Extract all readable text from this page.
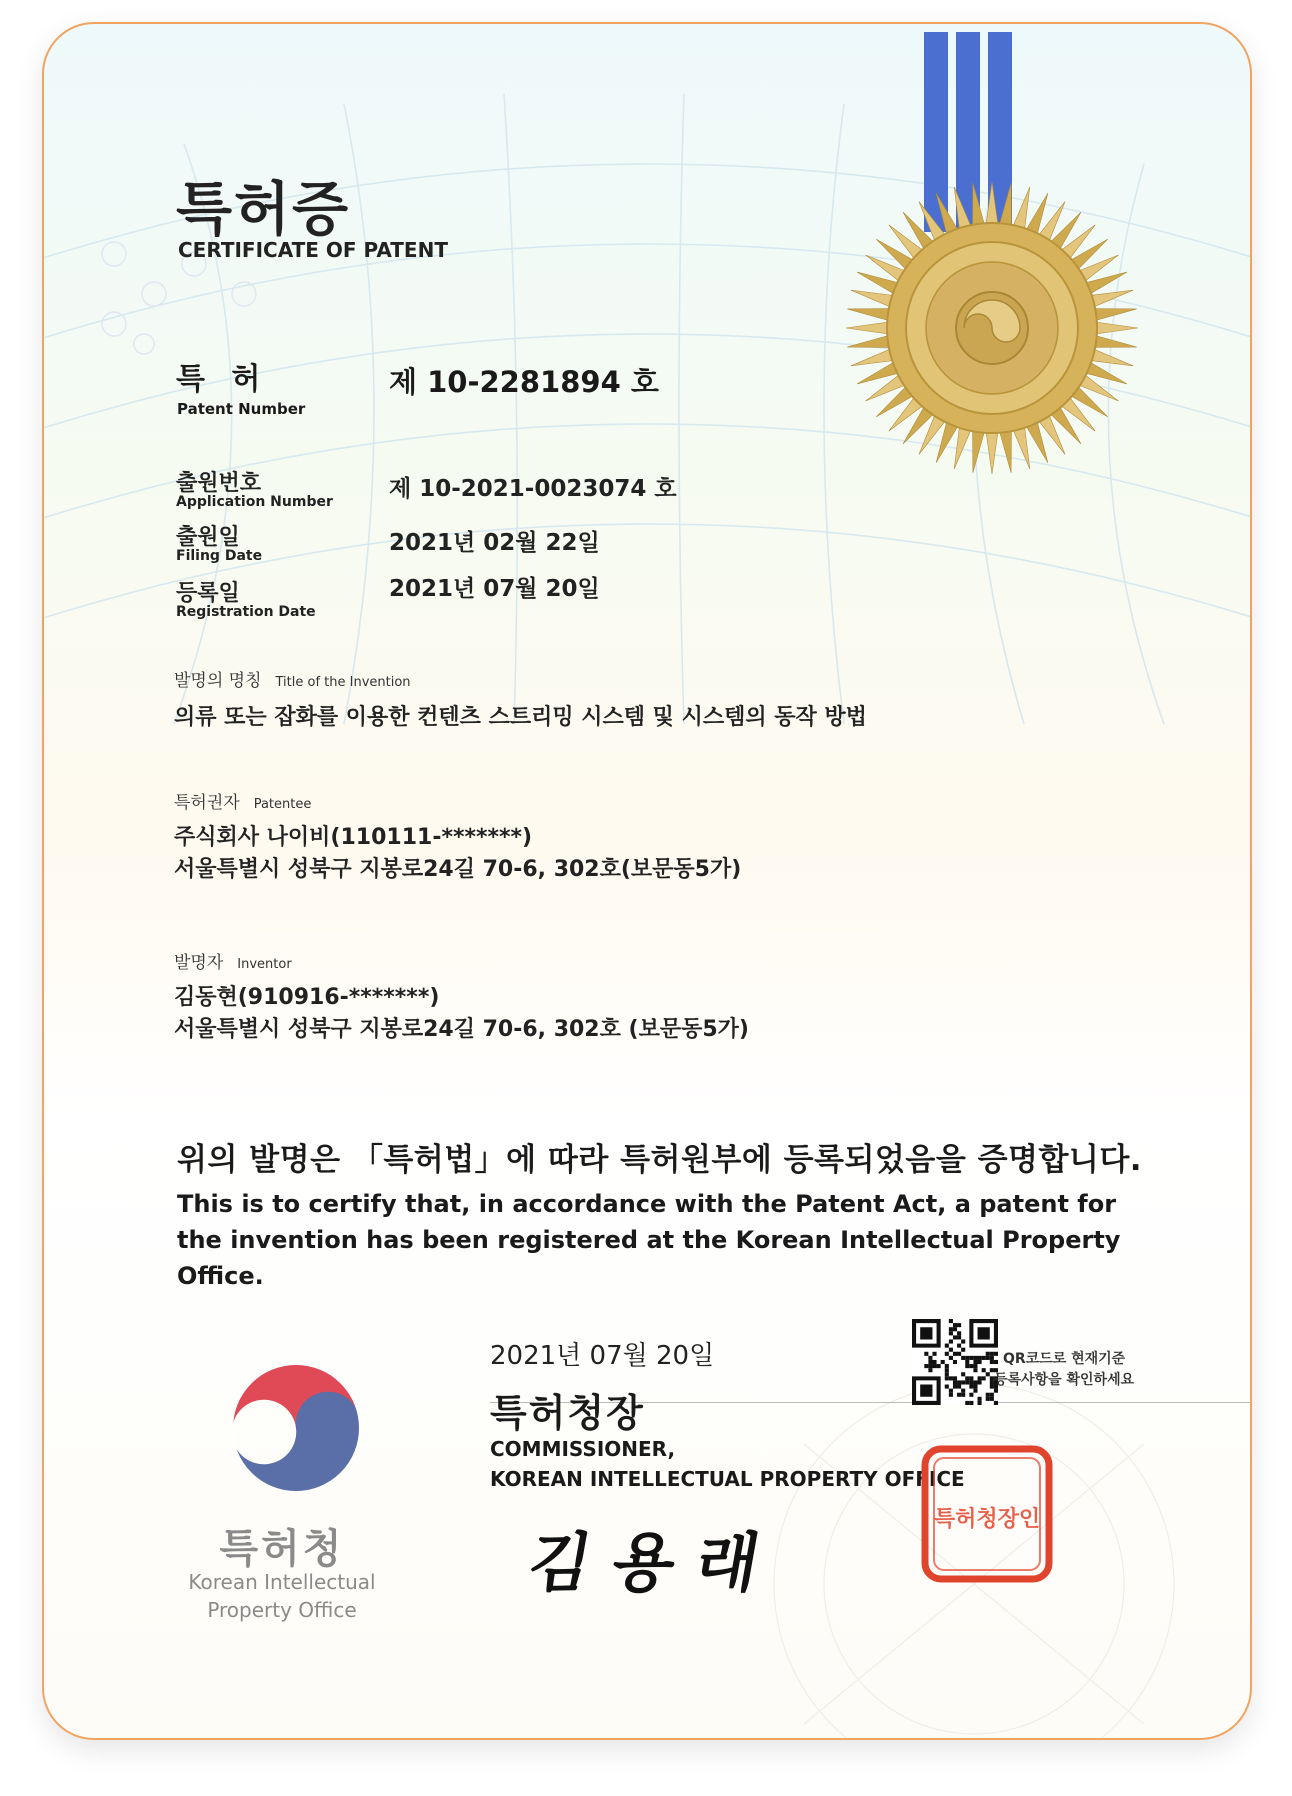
특허증
CERTIFICATE OF PATENT
특 허
Patent Number
제 10-2281894 호
출원번호
Application Number 제 10-2021-0023074 호
출원일
Filing Date	2021년 02월 22일
등록일
Registration Date
2021년 07월 20일
발명의 명칭 Title of the Invention
의류 또는 잡화를 이용한 컨텐츠 스트리밍 시스템 및 시스템의 동작 방법
특허권자 Patentee
주식회사 나이비(110111-*******)
서울특별시 성북구 지봉로24길 70-6, 302호(보문동5가)
발명자 Inventor
김동현(910916-*******)
서울특별시 성북구 지봉로24길 70-6, 302호 (보문동5가)
위의 발명은 「특허법」에 따라 특허원부에 등록되었음을 증명합니다.
This is to certify that, in accordance with the Patent Act, a patent for the invention has been registered at the Korean Intellectual Property Office.
2021년 07월 20일
특허청장
COMMISSIONER,
KOREAN INTELLECTUAL PROPERTY OFFICE
김용래
QR코드로 현재기준
등록사항을 확인하세요
특허청장인
특허청
Korean Intellectual
Property Office
